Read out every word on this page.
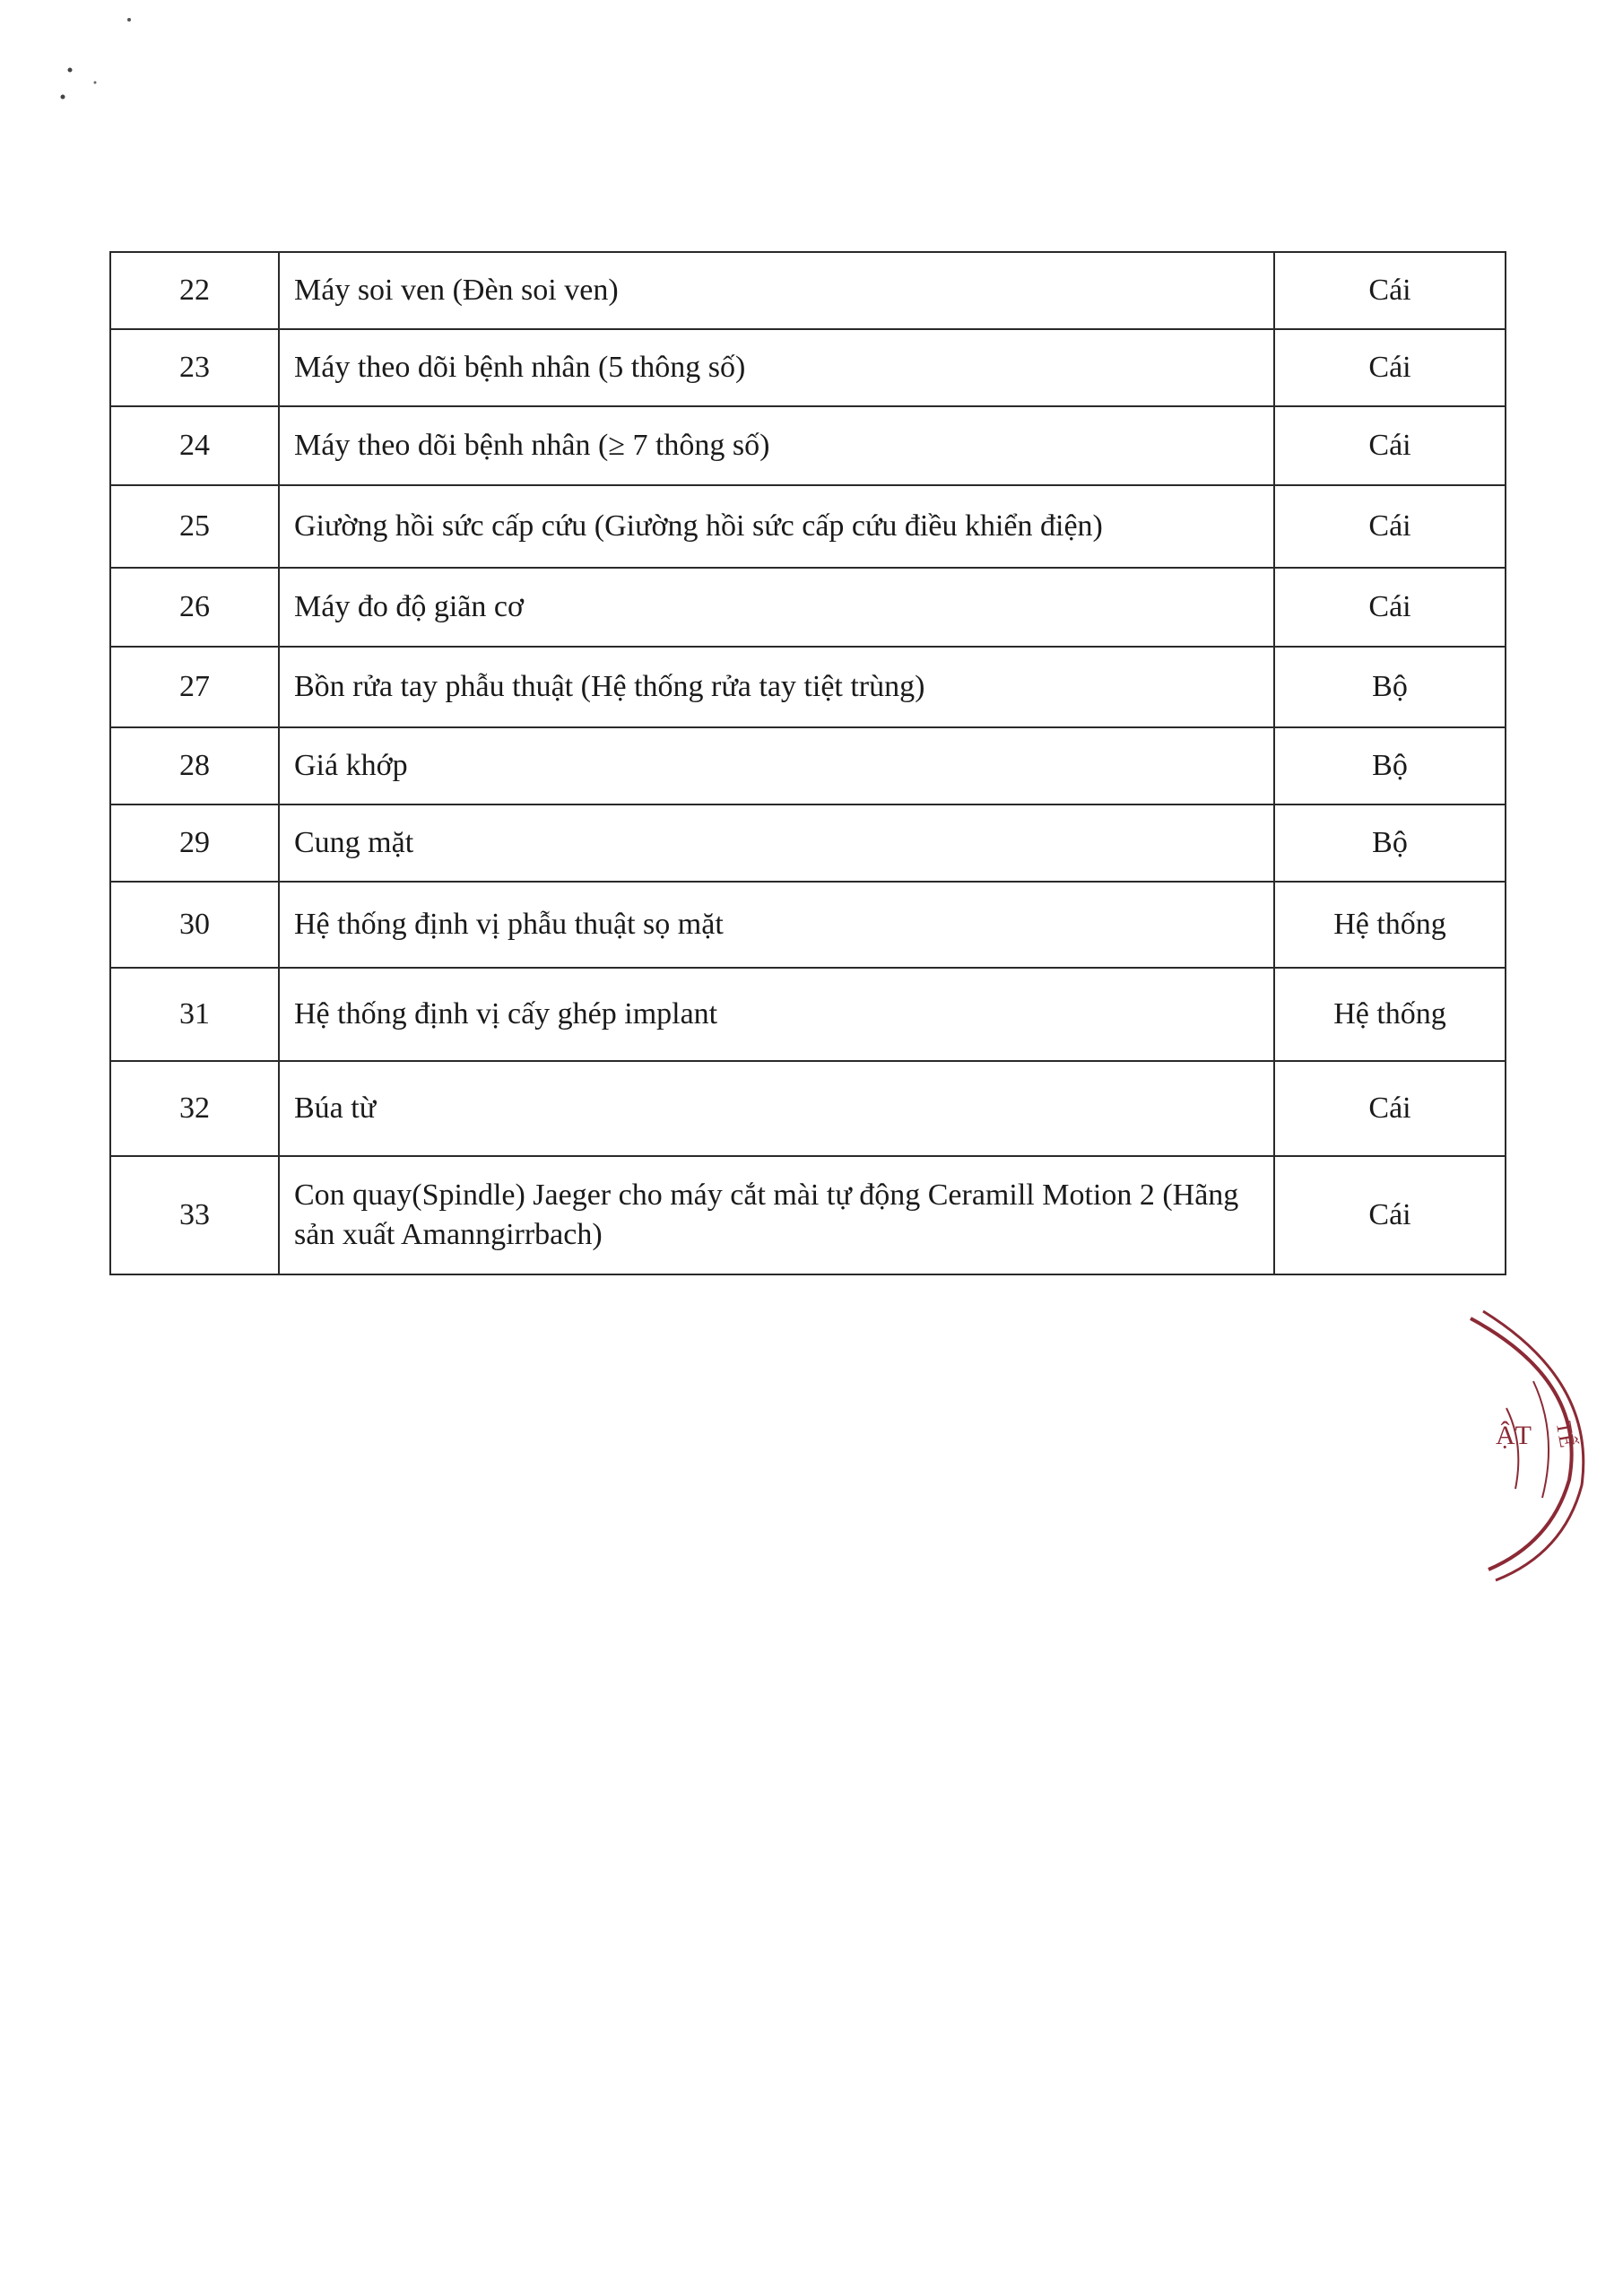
22	Máy soi ven (Đèn soi ven)	Cái
23	Máy theo dõi bệnh nhân (5 thông số)	Cái
24	Máy theo dõi bệnh nhân (≥ 7 thông số)	Cái
25	Giường hồi sức cấp cứu (Giường hồi sức cấp cứu điều khiển điện)	Cái
26	Máy đo độ giãn cơ	Cái
27	Bồn rửa tay phẫu thuật (Hệ thống rửa tay tiệt trùng)	Bộ
28	Giá khớp	Bộ
29	Cung mặt	Bộ
30	Hệ thống định vị phẫu thuật sọ mặt	Hệ thống
31	Hệ thống định vị cấy ghép implant	Hệ thống
32	Búa từ	Cái
33	Con quay(Spindle) Jaeger cho máy cắt mài tự động Ceramill Motion 2 (Hãng sản xuất Amanngirrbach)	Cái
ẬT TẾ
